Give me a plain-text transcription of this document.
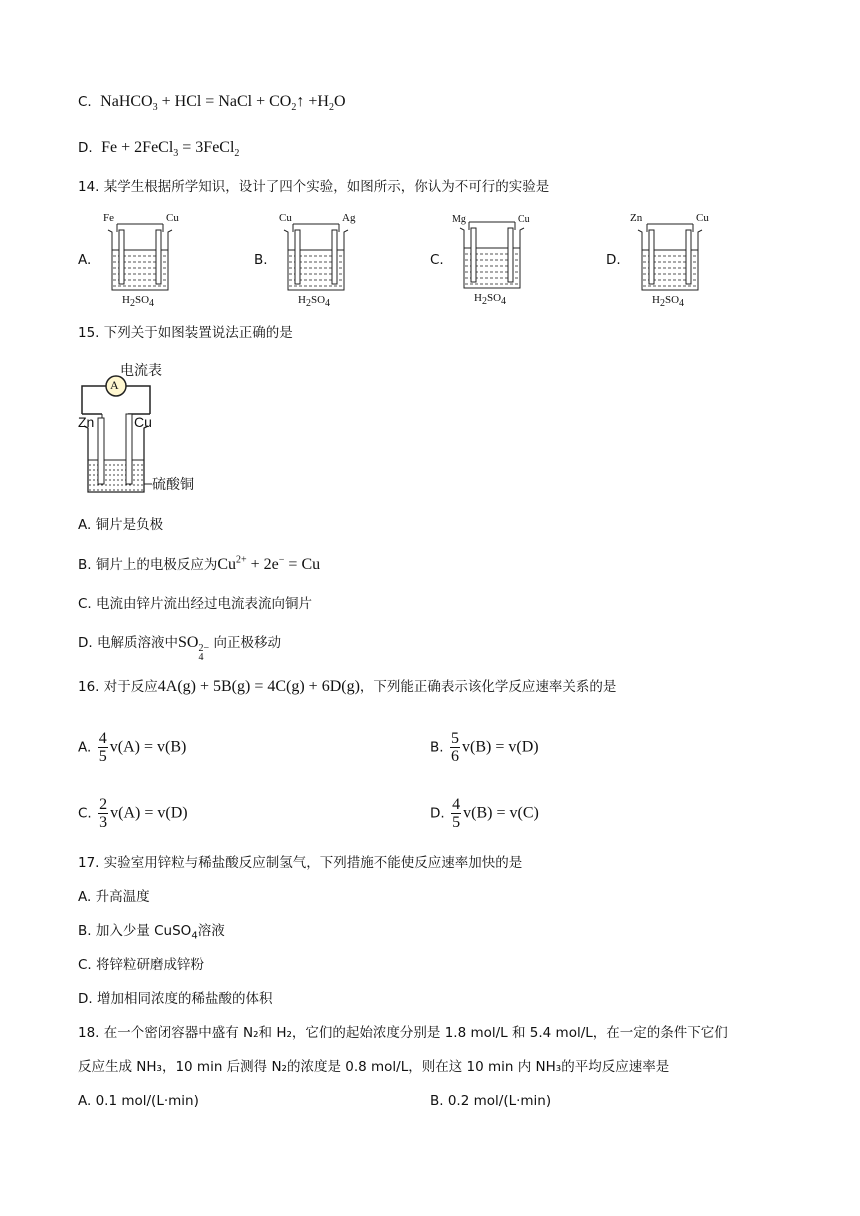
C.  NaHCO$_3$ + HCl = NaCl + $CO_2↑ +H_2O$
D.  Fe + 2FeCl$_3$ = 3FeCl$_2$
14. 某学生根据所学知识，设计了四个实验，如图所示，你认为不可行的实验是
A.	B.	C.	D.
Fe	Cu
$H_2SO_4$
Cu	Ag
$H_2SO_4$
Mg	Cu
$H_2SO_4$
Zn	Cu
$H_2SO_4$
15. 下列关于如图装置说法正确的是
A
电流表
Zn	Cu
硫酸铜
A. 铜片是负极
B. 铜片上的电极反应为$Cu^{2+} + 2e^- = Cu$
C. 电流由锌片流出经过电流表流向铜片
D. 电解质溶液中SO 2−
4
向正极移动
16. 对于反应4A(g) + 5B(g) = 4C(g) + 6D(g)，下列能正确表示该化学反应速率关系的是
A. $\frac{4}{5} v(A) = v(B)$	B. $\frac{5}{6} v(B) = v(D)$
C. $\frac{2}{3} v(A) = v(D)$	D. $\frac{4}{5} v(B) = v(C)$
17. 实验室用锌粒与稀盐酸反应制氢气，下列措施不能使反应速率加快的是
A. 升高温度
B. 加入少量 CuSO$_4$溶液
C. 将锌粒研磨成锌粉
D. 增加相同浓度的稀盐酸的体积
18. 在一个密闭容器中盛有 N₂和 H₂，它们的起始浓度分别是 1.8 mol/L 和 5.4 mol/L，在一定的条件下它们
反应生成 NH₃，10 min 后测得 N₂的浓度是 0.8 mol/L，则在这 10 min 内 NH₃的平均反应速率是
A. 0.1 mol/(L·min)	B. 0.2 mol/(L·min)
